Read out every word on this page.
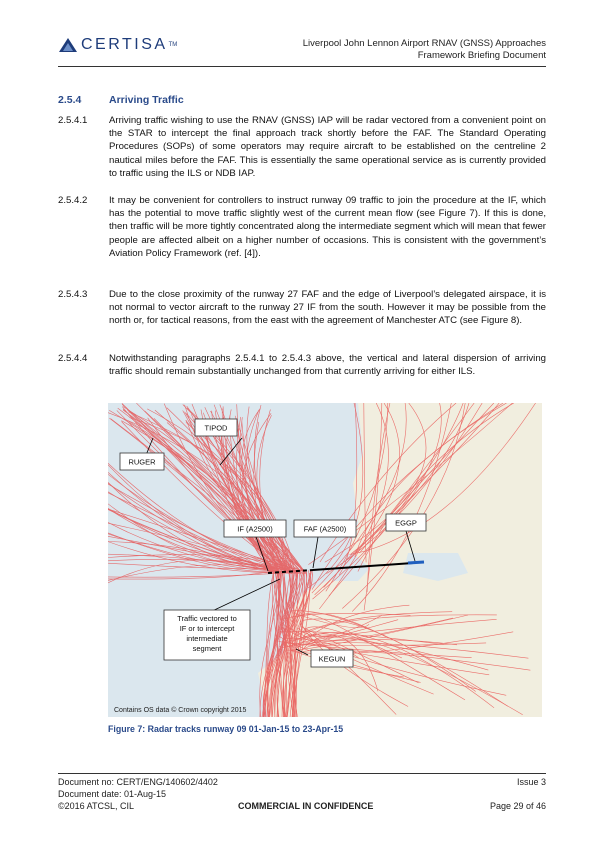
CERTISA TM	Liverpool John Lennon Airport RNAV (GNSS) Approaches
Framework Briefing Document
2.5.4	Arriving Traffic
2.5.4.1	Arriving traffic wishing to use the RNAV (GNSS) IAP will be radar vectored from a convenient point on the STAR to intercept the final approach track shortly before the FAF. The Standard Operating Procedures (SOPs) of some operators may require aircraft to be established on the centreline 2 nautical miles before the FAF. This is essentially the same operational service as is currently provided to traffic using the ILS or NDB IAP.
2.5.4.2	It may be convenient for controllers to instruct runway 09 traffic to join the procedure at the IF, which has the potential to move traffic slightly west of the current mean flow (see Figure 7). If this is done, then traffic will be more tightly concentrated along the intermediate segment which will mean that fewer people are affected albeit on a higher number of occasions. This is consistent with the government’s Aviation Policy Framework (ref. [4]).
2.5.4.3	Due to the close proximity of the runway 27 FAF and the edge of Liverpool’s delegated airspace, it is not normal to vector aircraft to the runway 27 IF from the south. However it may be possible from the north or, for tactical reasons, from the east with the agreement of Manchester ATC (see Figure 8).
2.5.4.4	Notwithstanding paragraphs 2.5.4.1 to 2.5.4.3 above, the vertical and lateral dispersion of arriving traffic should remain substantially unchanged from that currently arriving for either ILS.
TIPOD
RUGER
IF (A2500)	FAF (A2500)
EGGP
KEGUN
Traffic vectored to
IF or to intercept
intermediate
segment
Contains OS data © Crown copyright 2015
Figure 7: Radar tracks runway 09 01-Jan-15 to 23-Apr-15
Document no: CERT/ENG/140602/4402	Issue 3
Document date: 01-Aug-15
©2016 ATCSL, CIL	COMMERCIAL IN CONFIDENCE	Page 29 of 46
